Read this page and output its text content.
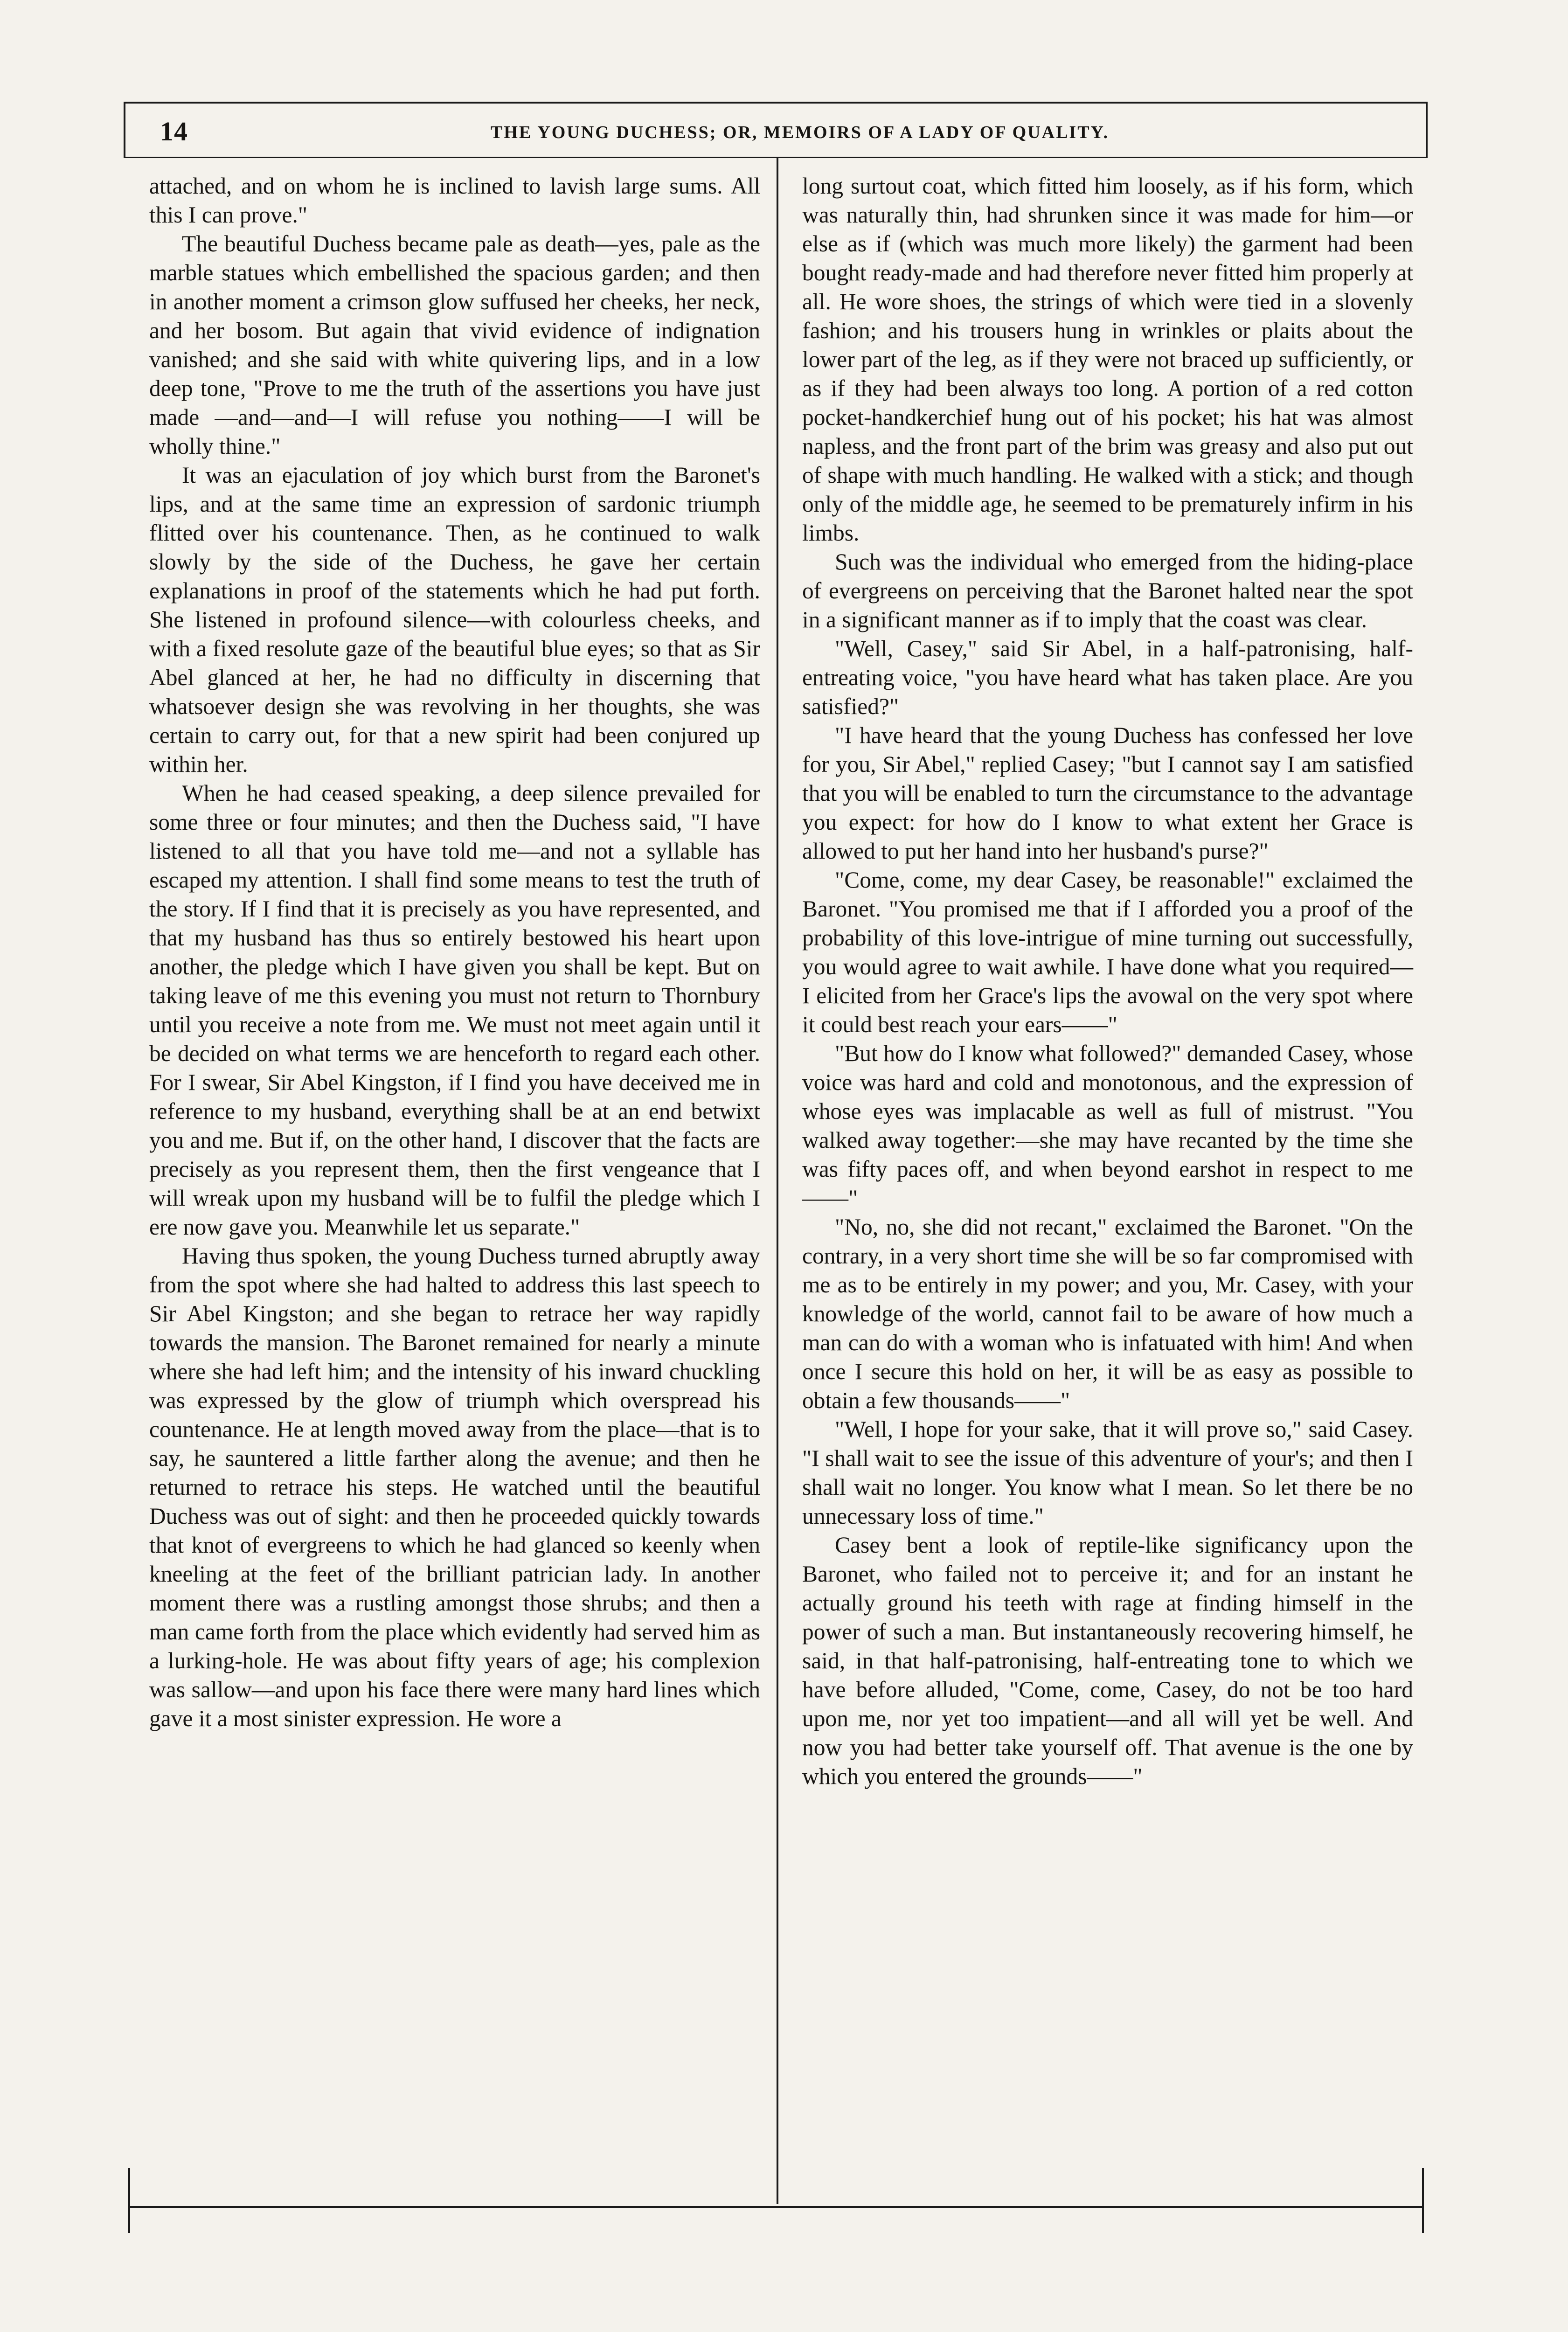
14	THE YOUNG DUCHESS; OR, MEMOIRS OF A LADY OF QUALITY.

attached, and on whom he is inclined to lavish large sums. All this I can prove."

The beautiful Duchess became pale as death—yes, pale as the marble statues which embellished the spacious garden; and then in another moment a crimson glow suffused her cheeks, her neck, and her bosom. But again that vivid evidence of indignation vanished; and she said with white quivering lips, and in a low deep tone, "Prove to me the truth of the assertions you have just made —and—and—I will refuse you nothing——I will be wholly thine."

It was an ejaculation of joy which burst from the Baronet's lips, and at the same time an expression of sardonic triumph flitted over his countenance. Then, as he continued to walk slowly by the side of the Duchess, he gave her certain explanations in proof of the statements which he had put forth. She listened in profound silence—with colourless cheeks, and with a fixed resolute gaze of the beautiful blue eyes; so that as Sir Abel glanced at her, he had no difficulty in discerning that whatsoever design she was revolving in her thoughts, she was certain to carry out, for that a new spirit had been conjured up within her.

When he had ceased speaking, a deep silence prevailed for some three or four minutes; and then the Duchess said, "I have listened to all that you have told me—and not a syllable has escaped my attention. I shall find some means to test the truth of the story. If I find that it is precisely as you have represented, and that my husband has thus so entirely bestowed his heart upon another, the pledge which I have given you shall be kept. But on taking leave of me this evening you must not return to Thornbury until you receive a note from me. We must not meet again until it be decided on what terms we are henceforth to regard each other. For I swear, Sir Abel Kingston, if I find you have deceived me in reference to my husband, everything shall be at an end betwixt you and me. But if, on the other hand, I discover that the facts are precisely as you represent them, then the first vengeance that I will wreak upon my husband will be to fulfil the pledge which I ere now gave you. Meanwhile let us separate."

Having thus spoken, the young Duchess turned abruptly away from the spot where she had halted to address this last speech to Sir Abel Kingston; and she began to retrace her way rapidly towards the mansion. The Baronet remained for nearly a minute where she had left him; and the intensity of his inward chuckling was expressed by the glow of triumph which overspread his countenance. He at length moved away from the place—that is to say, he sauntered a little farther along the avenue; and then he returned to retrace his steps. He watched until the beautiful Duchess was out of sight: and then he proceeded quickly towards that knot of evergreens to which he had glanced so keenly when kneeling at the feet of the brilliant patrician lady. In another moment there was a rustling amongst those shrubs; and then a man came forth from the place which evidently had served him as a lurking-hole. He was about fifty years of age; his complexion was sallow—and upon his face there were many hard lines which gave it a most sinister expression. He wore a

long surtout coat, which fitted him loosely, as if his form, which was naturally thin, had shrunken since it was made for him—or else as if (which was much more likely) the garment had been bought ready-made and had therefore never fitted him properly at all. He wore shoes, the strings of which were tied in a slovenly fashion; and his trousers hung in wrinkles or plaits about the lower part of the leg, as if they were not braced up sufficiently, or as if they had been always too long. A portion of a red cotton pocket-handkerchief hung out of his pocket; his hat was almost napless, and the front part of the brim was greasy and also put out of shape with much handling. He walked with a stick; and though only of the middle age, he seemed to be prematurely infirm in his limbs.

Such was the individual who emerged from the hiding-place of evergreens on perceiving that the Baronet halted near the spot in a significant manner as if to imply that the coast was clear.

"Well, Casey," said Sir Abel, in a half-patronising, half-entreating voice, "you have heard what has taken place. Are you satisfied?"

"I have heard that the young Duchess has confessed her love for you, Sir Abel," replied Casey; "but I cannot say I am satisfied that you will be enabled to turn the circumstance to the advantage you expect: for how do I know to what extent her Grace is allowed to put her hand into her husband's purse?"

"Come, come, my dear Casey, be reasonable!" exclaimed the Baronet. "You promised me that if I afforded you a proof of the probability of this love-intrigue of mine turning out successfully, you would agree to wait awhile. I have done what you required—I elicited from her Grace's lips the avowal on the very spot where it could best reach your ears——"

"But how do I know what followed?" demanded Casey, whose voice was hard and cold and monotonous, and the expression of whose eyes was implacable as well as full of mistrust. "You walked away together:—she may have recanted by the time she was fifty paces off, and when beyond earshot in respect to me——"

"No, no, she did not recant," exclaimed the Baronet. "On the contrary, in a very short time she will be so far compromised with me as to be entirely in my power; and you, Mr. Casey, with your knowledge of the world, cannot fail to be aware of how much a man can do with a woman who is infatuated with him! And when once I secure this hold on her, it will be as easy as possible to obtain a few thousands——"

"Well, I hope for your sake, that it will prove so," said Casey. "I shall wait to see the issue of this adventure of your's; and then I shall wait no longer. You know what I mean. So let there be no unnecessary loss of time."

Casey bent a look of reptile-like significancy upon the Baronet, who failed not to perceive it; and for an instant he actually ground his teeth with rage at finding himself in the power of such a man. But instantaneously recovering himself, he said, in that half-patronising, half-entreating tone to which we have before alluded, "Come, come, Casey, do not be too hard upon me, nor yet too impatient—and all will yet be well. And now you had better take yourself off. That avenue is the one by which you entered the grounds——"
